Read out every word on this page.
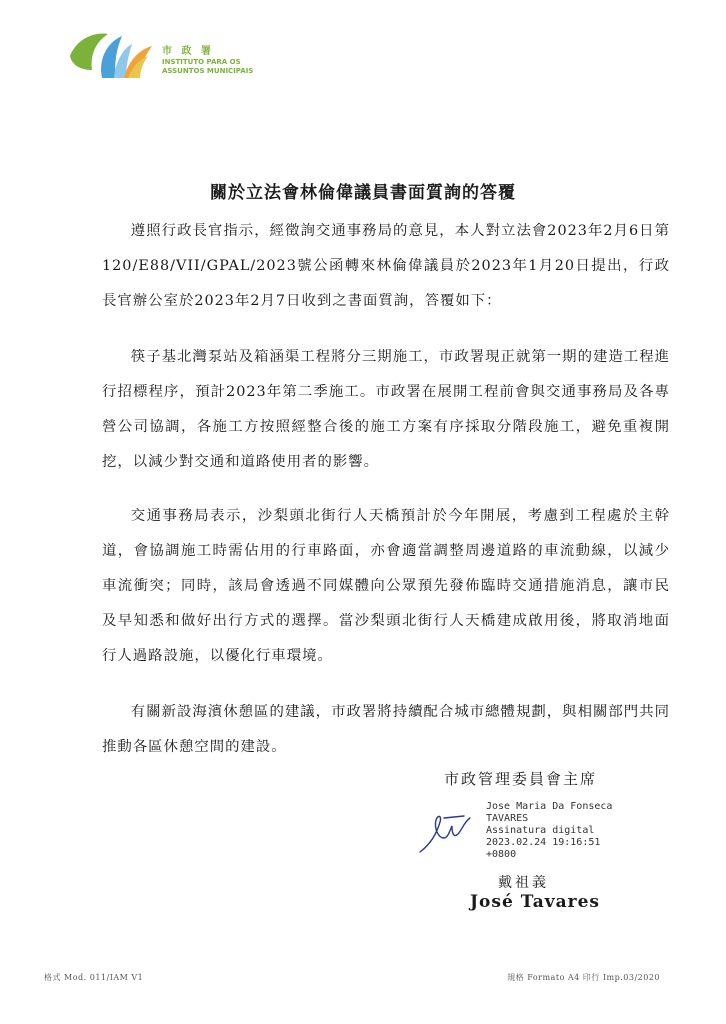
市 政 署
INSTITUTO PARA OS
ASSUNTOS MUNICIPAIS
關於立法會林倫偉議員書面質詢的答覆

遵照行政長官指示，經徵詢交通事務局的意見，本人對立法會2023年2月6日第120/E88/VII/GPAL/2023號公函轉來林倫偉議員於2023年1月20日提出，行政長官辦公室於2023年2月7日收到之書面質詢，答覆如下：

筷子基北灣泵站及箱涵渠工程將分三期施工，市政署現正就第一期的建造工程進行招標程序，預計2023年第二季施工。市政署在展開工程前會與交通事務局及各專營公司協調，各施工方按照經整合後的施工方案有序採取分階段施工，避免重複開挖，以減少對交通和道路使用者的影響。

交通事務局表示，沙梨頭北街行人天橋預計於今年開展，考慮到工程處於主幹道，會協調施工時需佔用的行車路面，亦會適當調整周邊道路的車流動線，以減少車流衝突；同時，該局會透過不同媒體向公眾預先發佈臨時交通措施消息，讓市民及早知悉和做好出行方式的選擇。當沙梨頭北街行人天橋建成啟用後，將取消地面行人過路設施，以優化行車環境。

有關新設海濱休憩區的建議，市政署將持續配合城市總體規劃，與相關部門共同推動各區休憩空間的建設。

市政管理委員會主席
Jose Maria Da Fonseca
TAVARES
Assinatura digital
2023.02.24 19:16:51
+0800
戴祖義
José Tavares
格式 Mod. 011/IAM V1	規格 Formato A4 印行 Imp.03/2020
